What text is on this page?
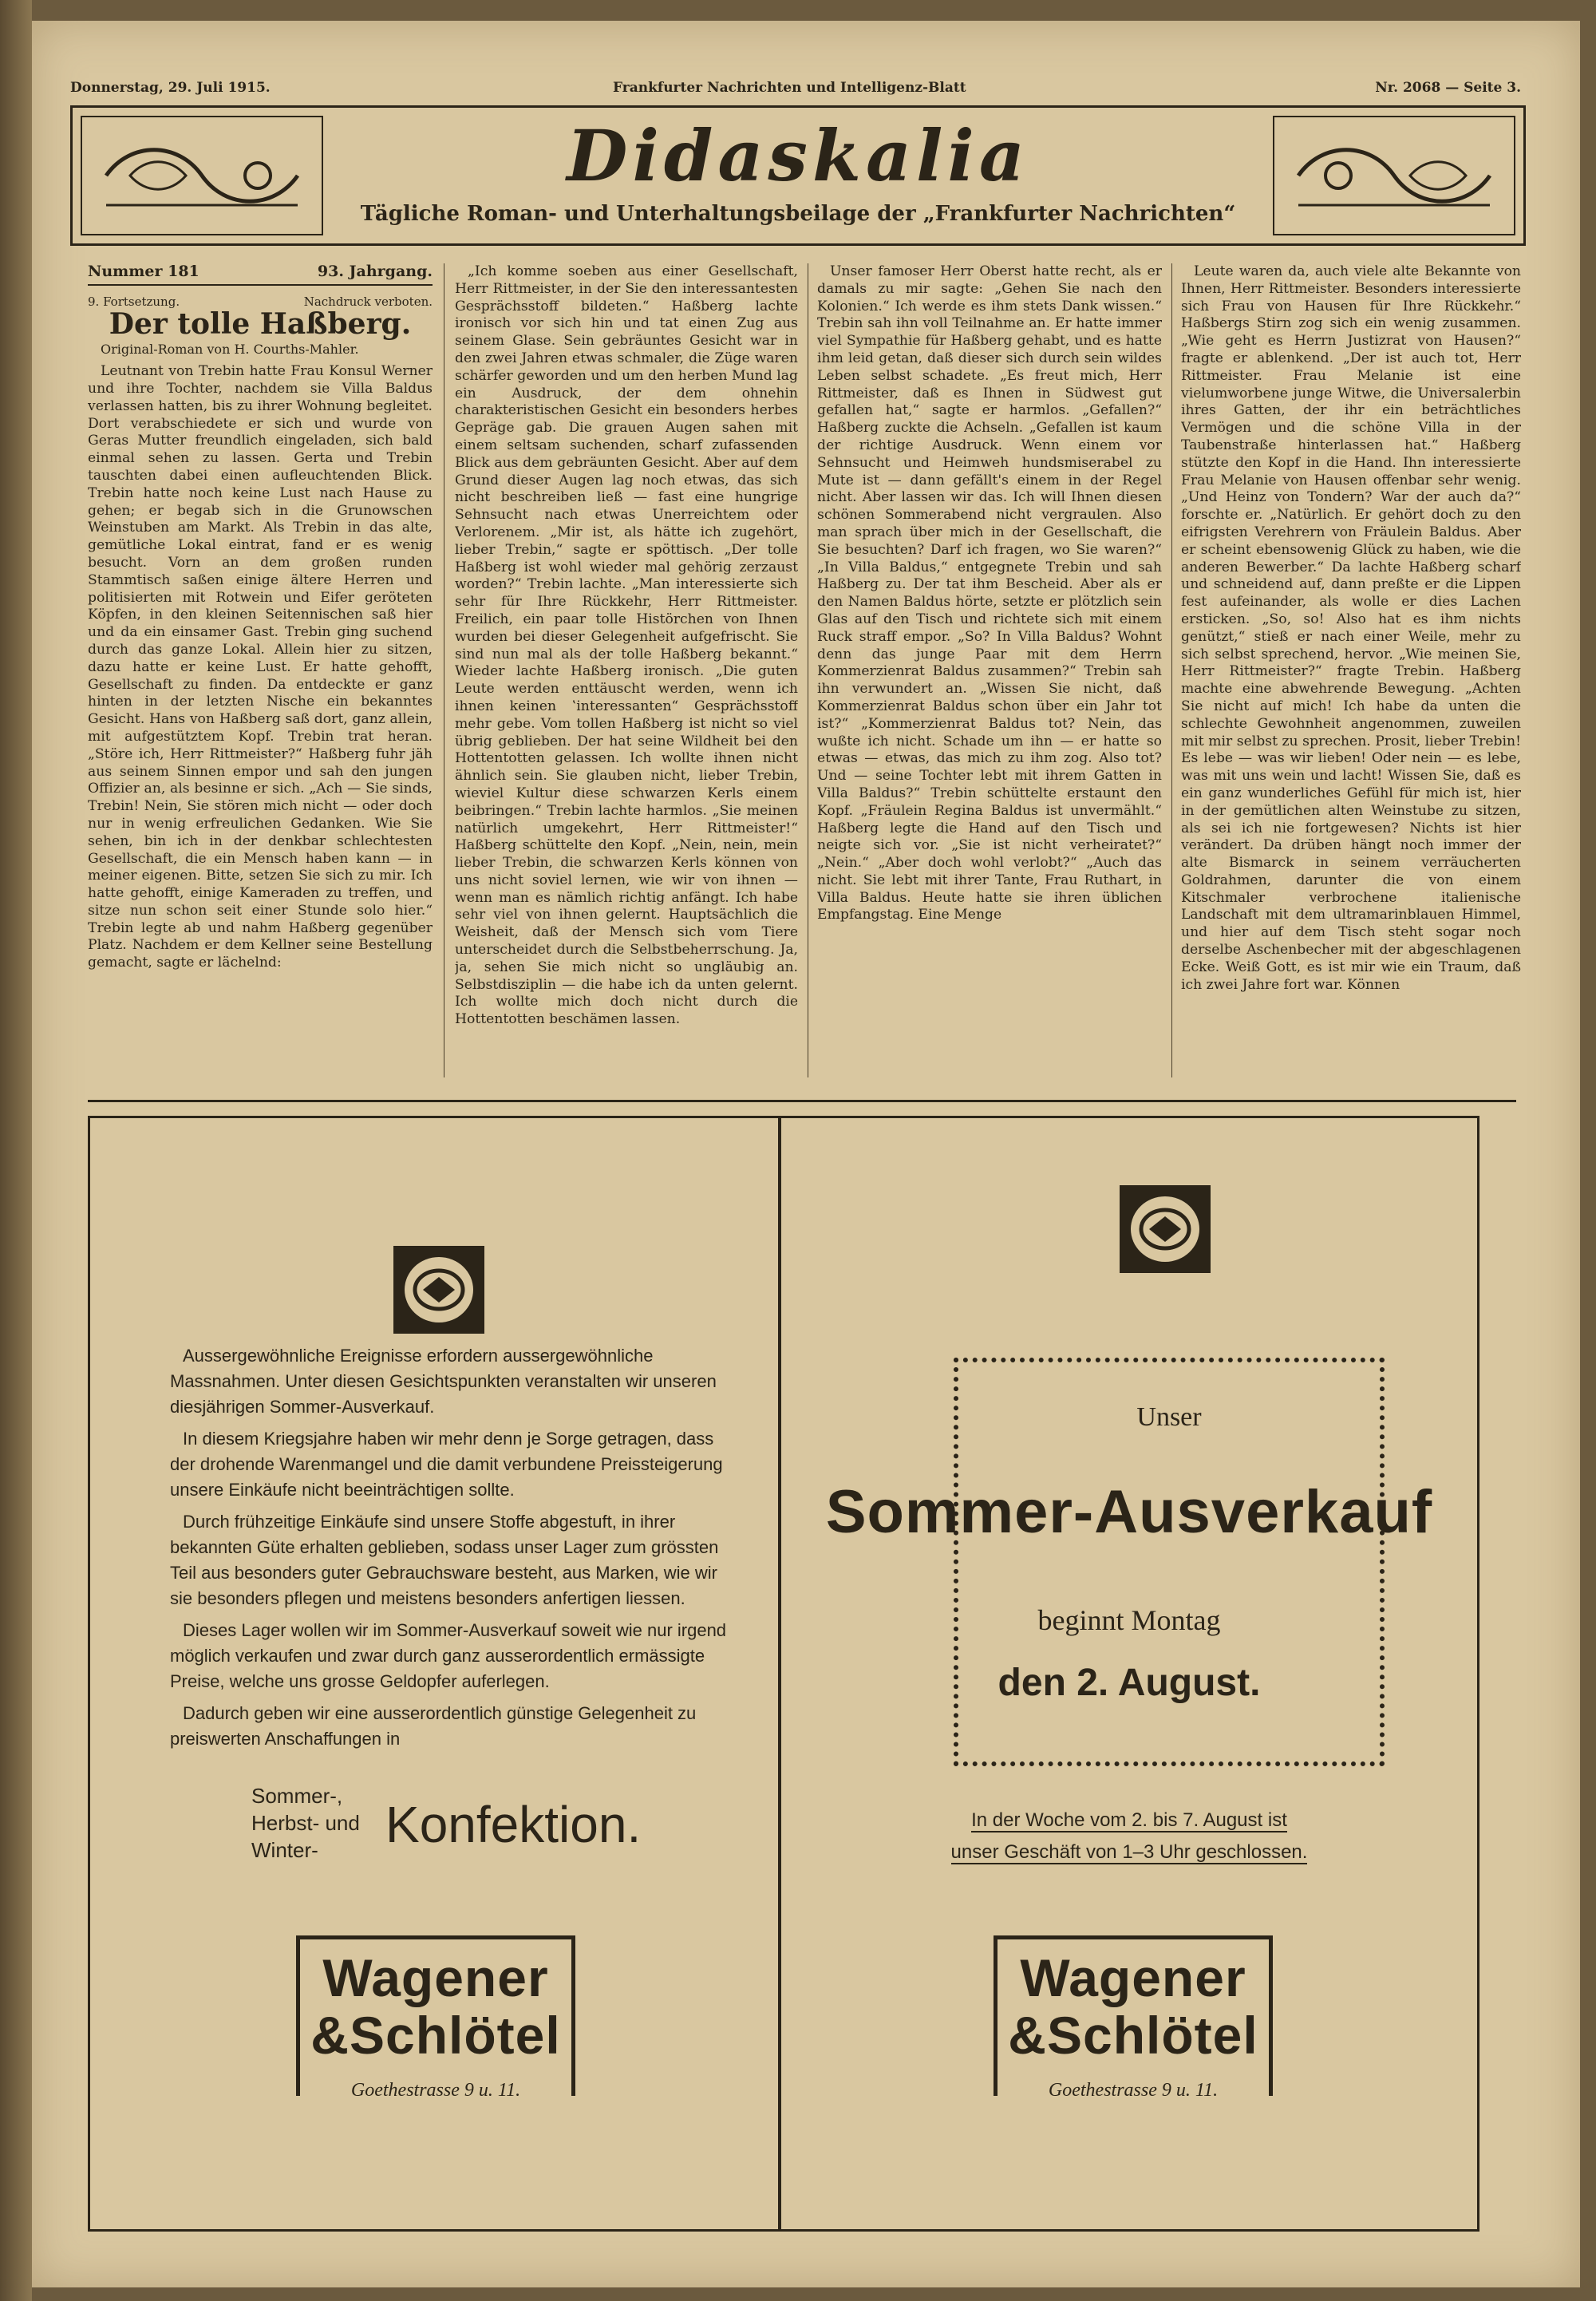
Donnerstag, 29. Juli 1915.	Frankfurter Nachrichten und Intelligenz-Blatt	Nr. 2068 — Seite 3.
Didaskalia
Tägliche Roman- und Unterhaltungsbeilage der „Frankfurter Nachrichten“
Nummer 181	93. Jahrgang.
9. Fortsetzung.	Nachdruck verboten.
Der tolle Haßberg.
Original-Roman von H. Courths-Mahler.

Leutnant von Trebin hatte Frau Konsul Werner und ihre Tochter, nachdem sie Villa Baldus verlassen hatten, bis zu ihrer Wohnung begleitet. Dort verabschiedete er sich und wurde von Geras Mutter freundlich eingeladen, sich bald einmal sehen zu lassen. Gerta und Trebin tauschten dabei einen aufleuchtenden Blick. Trebin hatte noch keine Lust nach Hause zu gehen; er begab sich in die Grunowschen Weinstuben am Markt. Als Trebin in das alte, gemütliche Lokal eintrat, fand er es wenig besucht. Vorn an dem großen runden Stammtisch saßen einige ältere Herren und politisierten mit Rotwein und Eifer geröteten Köpfen, in den kleinen Seitennischen saß hier und da ein einsamer Gast. Trebin ging suchend durch das ganze Lokal. Allein hier zu sitzen, dazu hatte er keine Lust. Er hatte gehofft, Gesellschaft zu finden. Da entdeckte er ganz hinten in der letzten Nische ein bekanntes Gesicht. Hans von Haßberg saß dort, ganz allein, mit aufgestütztem Kopf. Trebin trat heran. „Störe ich, Herr Rittmeister?“ Haßberg fuhr jäh aus seinem Sinnen empor und sah den jungen Offizier an, als besinne er sich. „Ach — Sie sinds, Trebin! Nein, Sie stören mich nicht — oder doch nur in wenig erfreulichen Gedanken. Wie Sie sehen, bin ich in der denkbar schlechtesten Gesellschaft, die ein Mensch haben kann — in meiner eigenen. Bitte, setzen Sie sich zu mir. Ich hatte gehofft, einige Kameraden zu treffen, und sitze nun schon seit einer Stunde solo hier.“ Trebin legte ab und nahm Haßberg gegenüber Platz. Nachdem er dem Kellner seine Bestellung gemacht, sagte er lächelnd:

„Ich komme soeben aus einer Gesellschaft, Herr Rittmeister, in der Sie den interessantesten Gesprächsstoff bildeten.“ Haßberg lachte ironisch vor sich hin und tat einen Zug aus seinem Glase. Sein gebräuntes Gesicht war in den zwei Jahren etwas schmaler, die Züge waren schärfer geworden und um den herben Mund lag ein Ausdruck, der dem ohnehin charakteristischen Gesicht ein besonders herbes Gepräge gab. Die grauen Augen sahen mit einem seltsam suchenden, scharf zufassenden Blick aus dem gebräunten Gesicht. Aber auf dem Grund dieser Augen lag noch etwas, das sich nicht beschreiben ließ — fast eine hungrige Sehnsucht nach etwas Unerreichtem oder Verlorenem. „Mir ist, als hätte ich zugehört, lieber Trebin,“ sagte er spöttisch. „Der tolle Haßberg ist wohl wieder mal gehörig zerzaust worden?“ Trebin lachte. „Man interessierte sich sehr für Ihre Rückkehr, Herr Rittmeister. Freilich, ein paar tolle Histörchen von Ihnen wurden bei dieser Gelegenheit aufgefrischt. Sie sind nun mal als der tolle Haßberg bekannt.“ Wieder lachte Haßberg ironisch. „Die guten Leute werden enttäuscht werden, wenn ich ihnen keinen ‛interessanten“ Gesprächsstoff mehr gebe. Vom tollen Haßberg ist nicht so viel übrig geblieben. Der hat seine Wildheit bei den Hottentotten gelassen. Ich wollte ihnen nicht ähnlich sein. Sie glauben nicht, lieber Trebin, wieviel Kultur diese schwarzen Kerls einem beibringen.“ Trebin lachte harmlos. „Sie meinen natürlich umgekehrt, Herr Rittmeister!“ Haßberg schüttelte den Kopf. „Nein, nein, mein lieber Trebin, die schwarzen Kerls können von uns nicht soviel lernen, wie wir von ihnen — wenn man es nämlich richtig anfängt. Ich habe sehr viel von ihnen gelernt. Hauptsächlich die Weisheit, daß der Mensch sich vom Tiere unterscheidet durch die Selbstbeherrschung. Ja, ja, sehen Sie mich nicht so ungläubig an. Selbstdisziplin — die habe ich da unten gelernt. Ich wollte mich doch nicht durch die Hottentotten beschämen lassen.

Unser famoser Herr Oberst hatte recht, als er damals zu mir sagte: „Gehen Sie nach den Kolonien.“ Ich werde es ihm stets Dank wissen.“ Trebin sah ihn voll Teilnahme an. Er hatte immer viel Sympathie für Haßberg gehabt, und es hatte ihm leid getan, daß dieser sich durch sein wildes Leben selbst schadete. „Es freut mich, Herr Rittmeister, daß es Ihnen in Südwest gut gefallen hat,“ sagte er harmlos. „Gefallen?“ Haßberg zuckte die Achseln. „Gefallen ist kaum der richtige Ausdruck. Wenn einem vor Sehnsucht und Heimweh hundsmiserabel zu Mute ist — dann gefällt's einem in der Regel nicht. Aber lassen wir das. Ich will Ihnen diesen schönen Sommerabend nicht vergraulen. Also man sprach über mich in der Gesellschaft, die Sie besuchten? Darf ich fragen, wo Sie waren?“ „In Villa Baldus,“ entgegnete Trebin und sah Haßberg zu. Der tat ihm Bescheid. Aber als er den Namen Baldus hörte, setzte er plötzlich sein Glas auf den Tisch und richtete sich mit einem Ruck straff empor. „So? In Villa Baldus? Wohnt denn das junge Paar mit dem Herrn Kommerzienrat Baldus zusammen?“ Trebin sah ihn verwundert an. „Wissen Sie nicht, daß Kommerzienrat Baldus schon über ein Jahr tot ist?“ „Kommerzienrat Baldus tot? Nein, das wußte ich nicht. Schade um ihn — er hatte so etwas — etwas, das mich zu ihm zog. Also tot? Und — seine Tochter lebt mit ihrem Gatten in Villa Baldus?“ Trebin schüttelte erstaunt den Kopf. „Fräulein Regina Baldus ist unvermählt.“ Haßberg legte die Hand auf den Tisch und neigte sich vor. „Sie ist nicht verheiratet?“ „Nein.“ „Aber doch wohl verlobt?“ „Auch das nicht. Sie lebt mit ihrer Tante, Frau Ruthart, in Villa Baldus. Heute hatte sie ihren üblichen Empfangstag. Eine Menge

Leute waren da, auch viele alte Bekannte von Ihnen, Herr Rittmeister. Besonders interessierte sich Frau von Hausen für Ihre Rückkehr.“ Haßbergs Stirn zog sich ein wenig zusammen. „Wie geht es Herrn Justizrat von Hausen?“ fragte er ablenkend. „Der ist auch tot, Herr Rittmeister. Frau Melanie ist eine vielumworbene junge Witwe, die Universalerbin ihres Gatten, der ihr ein beträchtliches Vermögen und die schöne Villa in der Taubenstraße hinterlassen hat.“ Haßberg stützte den Kopf in die Hand. Ihn interessierte Frau Melanie von Hausen offenbar sehr wenig. „Und Heinz von Tondern? War der auch da?“ forschte er. „Natürlich. Er gehört doch zu den eifrigsten Verehrern von Fräulein Baldus. Aber er scheint ebensowenig Glück zu haben, wie die anderen Bewerber.“ Da lachte Haßberg scharf und schneidend auf, dann preßte er die Lippen fest aufeinander, als wolle er dies Lachen ersticken. „So, so! Also hat es ihm nichts genützt,“ stieß er nach einer Weile, mehr zu sich selbst sprechend, hervor. „Wie meinen Sie, Herr Rittmeister?“ fragte Trebin. Haßberg machte eine abwehrende Bewegung. „Achten Sie nicht auf mich! Ich habe da unten die schlechte Gewohnheit angenommen, zuweilen mit mir selbst zu sprechen. Prosit, lieber Trebin! Es lebe — was wir lieben! Oder nein — es lebe, was mit uns wein und lacht! Wissen Sie, daß es ein ganz wunderliches Gefühl für mich ist, hier in der gemütlichen alten Weinstube zu sitzen, als sei ich nie fortgewesen? Nichts ist hier verändert. Da drüben hängt noch immer der alte Bismarck in seinem verräucherten Goldrahmen, darunter die von einem Kitschmaler verbrochene italienische Landschaft mit dem ultramarinblauen Himmel, und hier auf dem Tisch steht sogar noch derselbe Aschenbecher mit der abgeschlagenen Ecke. Weiß Gott, es ist mir wie ein Traum, daß ich zwei Jahre fort war. Können

Aussergewöhnliche Ereignisse erfordern aussergewöhnliche Massnahmen. Unter diesen Gesichtspunkten veranstalten wir unseren diesjährigen Sommer-Ausverkauf.

In diesem Kriegsjahre haben wir mehr denn je Sorge getragen, dass der drohende Warenmangel und die damit verbundene Preissteigerung unsere Einkäufe nicht beeinträchtigen sollte.

Durch frühzeitige Einkäufe sind unsere Stoffe abgestuft, in ihrer bekannten Güte erhalten geblieben, sodass unser Lager zum grössten Teil aus besonders guter Gebrauchsware besteht, aus Marken, wie wir sie besonders pflegen und meistens besonders anfertigen liessen.

Dieses Lager wollen wir im Sommer-Ausverkauf soweit wie nur irgend möglich verkaufen und zwar durch ganz ausserordentlich ermässigte Preise, welche uns grosse Geldopfer auferlegen.

Dadurch geben wir eine ausserordentlich günstige Gelegenheit zu preiswerten Anschaffungen in

Sommer-,
Herbst- und
Winter-	Konfektion.
Wagener
&Schlötel
Goethestrasse 9 u. 11.
Unser
Sommer-Ausverkauf
beginnt Montag
den 2. August.
In der Woche vom 2. bis 7. August ist
unser Geschäft von 1–3 Uhr geschlossen.
Wagener
&Schlötel
Goethestrasse 9 u. 11.
